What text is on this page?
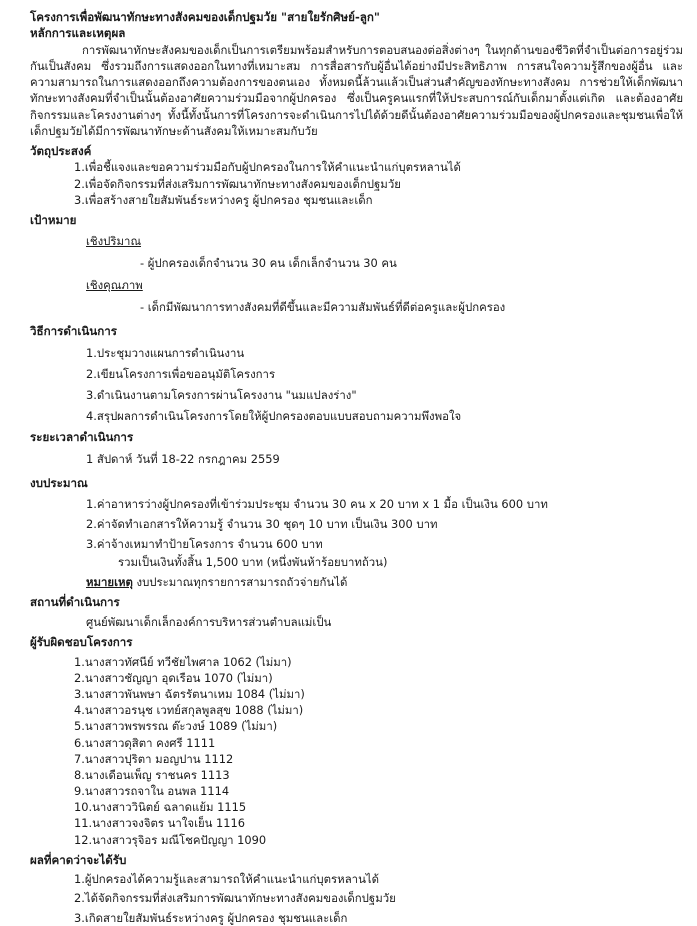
โครงการเพื่อพัฒนาทักษะทางสังคมของเด็กปฐมวัย "สายใยรักศิษย์-ลูก"
หลักการและเหตุผล
การพัฒนาทักษะสังคมของเด็กเป็นการเตรียมพร้อมสำหรับการตอบสนองต่อสิ่งต่างๆ ในทุกด้านของชีวิตที่จำเป็นต่อการอยู่ร่วมกันเป็นสังคม ซึ่งรวมถึงการแสดงออกในทางที่เหมาะสม การสื่อสารกับผู้อื่นได้อย่างมีประสิทธิภาพ การสนใจความรู้สึกของผู้อื่น และความสามารถในการแสดงออกถึงความต้องการของตนเอง ทั้งหมดนี้ล้วนแล้วเป็นส่วนสำคัญของทักษะทางสังคม การช่วยให้เด็กพัฒนาทักษะทางสังคมที่จำเป็นนั้นต้องอาศัยความร่วมมือจากผู้ปกครอง ซึ่งเป็นครูคนแรกที่ให้ประสบการณ์กับเด็กมาตั้งแต่เกิด และต้องอาศัยกิจกรรมและโครงงานต่างๆ ทั้งนี้ทั้งนั้นการที่โครงการจะดำเนินการไปได้ด้วยดีนั้นต้องอาศัยความร่วมมือของผู้ปกครองและชุมชนเพื่อให้เด็กปฐมวัยได้มีการพัฒนาทักษะด้านสังคมให้เหมาะสมกับวัย
วัตถุประสงค์
1.เพื่อชี้แจงและขอความร่วมมือกับผู้ปกครองในการให้คำแนะนำแก่บุตรหลานได้
2.เพื่อจัดกิจกรรมที่ส่งเสริมการพัฒนาทักษะทางสังคมของเด็กปฐมวัย
3.เพื่อสร้างสายใยสัมพันธ์ระหว่างครู ผู้ปกครอง ชุมชนและเด็ก
เป้าหมาย
เชิงปริมาณ
- ผู้ปกครองเด็กจำนวน 30 คน เด็กเล็กจำนวน 30 คน
เชิงคุณภาพ
- เด็กมีพัฒนาการทางสังคมที่ดีขึ้นและมีความสัมพันธ์ที่ดีต่อครูและผู้ปกครอง
วิธีการดำเนินการ
1.ประชุมวางแผนการดำเนินงาน
2.เขียนโครงการเพื่อขออนุมัติโครงการ
3.ดำเนินงานตามโครงการผ่านโครงงาน "นมแปลงร่าง"
4.สรุปผลการดำเนินโครงการโดยให้ผู้ปกครองตอบแบบสอบถามความพึงพอใจ
ระยะเวลาดำเนินการ
1 สัปดาห์ วันที่ 18-22 กรกฎาคม 2559
งบประมาณ
1.ค่าอาหารว่างผู้ปกครองที่เข้าร่วมประชุม จำนวน 30 คน x 20 บาท x 1 มื้อ เป็นเงิน 600 บาท
2.ค่าจัดทำเอกสารให้ความรู้ จำนวน 30 ชุดๆ 10 บาท เป็นเงิน 300 บาท
3.ค่าจ้างเหมาทำป้ายโครงการ จำนวน 600 บาท
รวมเป็นเงินทั้งสิ้น 1,500 บาท (หนึ่งพันห้าร้อยบาทถ้วน)
หมายเหตุ งบประมาณทุกรายการสามารถถัวจ่ายกันได้
สถานที่ดำเนินการ
ศูนย์พัฒนาเด็กเล็กองค์การบริหารส่วนตำบลแม่เป็น
ผู้รับผิดชอบโครงการ
1.นางสาวทัศนีย์ ทวีชัยไพศาล 1062 (ไม่มา)
2.นางสาวชัญญา อุดเรือน 1070 (ไม่มา)
3.นางสาวพันพษา ฉัตรรัตนาเหม 1084 (ไม่มา)
4.นางสาวอรนุช เวทย์สกุลพูลสุข 1088 (ไม่มา)
5.นางสาวพรพรรณ ต๊ะวงษ์ 1089 (ไม่มา)
6.นางสาวดุสิตา คงศรี 1111
7.นางสาวปุริตา มอญปาน 1112
8.นางเดือนเพ็ญ ราชนคร 1113
9.นางสาวรถจาใน อนพล 1114
10.นางสาววินิตย์ ฉลาดแย้ม 1115
11.นางสาวจงจิตร นาใจเย็น 1116
12.นางสาวรุจิอร มณีโชคปัญญา 1090
ผลที่คาดว่าจะได้รับ
1.ผู้ปกครองได้ความรู้และสามารถให้คำแนะนำแก่บุตรหลานได้
2.ได้จัดกิจกรรมที่ส่งเสริมการพัฒนาทักษะทางสังคมของเด็กปฐมวัย
3.เกิดสายใยสัมพันธ์ระหว่างครู ผู้ปกครอง ชุมชนและเด็ก
